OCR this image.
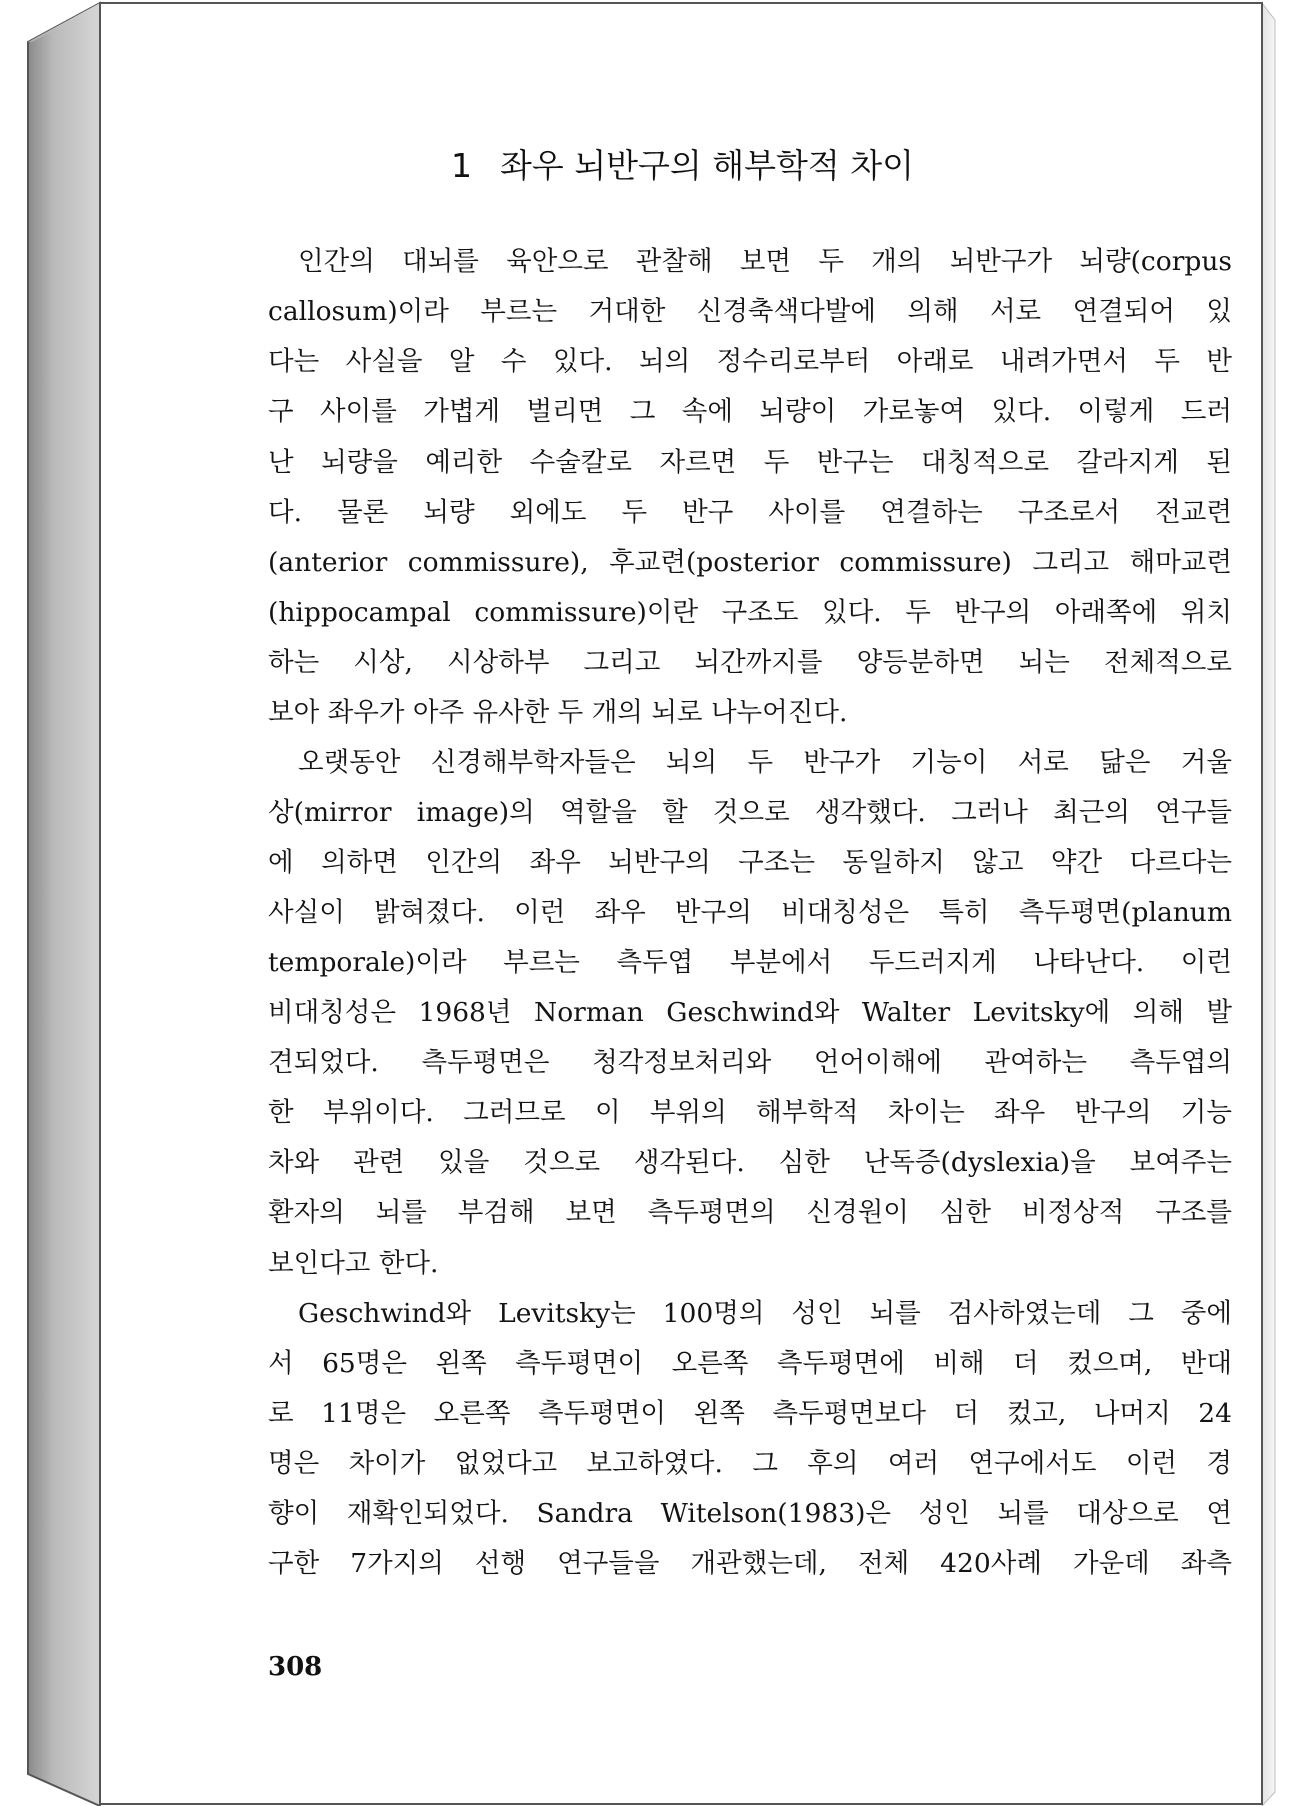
1 좌우 뇌반구의 해부학적 차이
인간의 대뇌를 육안으로 관찰해 보면 두 개의 뇌반구가 뇌량(corpus
callosum)이라 부르는 거대한 신경축색다발에 의해 서로 연결되어 있
다는 사실을 알 수 있다. 뇌의 정수리로부터 아래로 내려가면서 두 반
구 사이를 가볍게 벌리면 그 속에 뇌량이 가로놓여 있다. 이렇게 드러
난 뇌량을 예리한 수술칼로 자르면 두 반구는 대칭적으로 갈라지게 된
다. 물론 뇌량 외에도 두 반구 사이를 연결하는 구조로서 전교련
(anterior commissure), 후교련(posterior commissure) 그리고 해마교련
(hippocampal commissure)이란 구조도 있다. 두 반구의 아래쪽에 위치
하는 시상, 시상하부 그리고 뇌간까지를 양등분하면 뇌는 전체적으로
보아 좌우가 아주 유사한 두 개의 뇌로 나누어진다.
오랫동안 신경해부학자들은 뇌의 두 반구가 기능이 서로 닮은 거울
상(mirror image)의 역할을 할 것으로 생각했다. 그러나 최근의 연구들
에 의하면 인간의 좌우 뇌반구의 구조는 동일하지 않고 약간 다르다는
사실이 밝혀졌다. 이런 좌우 반구의 비대칭성은 특히 측두평면(planum
temporale)이라 부르는 측두엽 부분에서 두드러지게 나타난다. 이런
비대칭성은 1968년 Norman Geschwind와 Walter Levitsky에 의해 발
견되었다. 측두평면은 청각정보처리와 언어이해에 관여하는 측두엽의
한 부위이다. 그러므로 이 부위의 해부학적 차이는 좌우 반구의 기능
차와 관련 있을 것으로 생각된다. 심한 난독증(dyslexia)을 보여주는
환자의 뇌를 부검해 보면 측두평면의 신경원이 심한 비정상적 구조를
보인다고 한다.
Geschwind와 Levitsky는 100명의 성인 뇌를 검사하였는데 그 중에
서 65명은 왼쪽 측두평면이 오른쪽 측두평면에 비해 더 컸으며, 반대
로 11명은 오른쪽 측두평면이 왼쪽 측두평면보다 더 컸고, 나머지 24
명은 차이가 없었다고 보고하였다. 그 후의 여러 연구에서도 이런 경
향이 재확인되었다. Sandra Witelson(1983)은 성인 뇌를 대상으로 연
구한 7가지의 선행 연구들을 개관했는데, 전체 420사례 가운데 좌측
308
